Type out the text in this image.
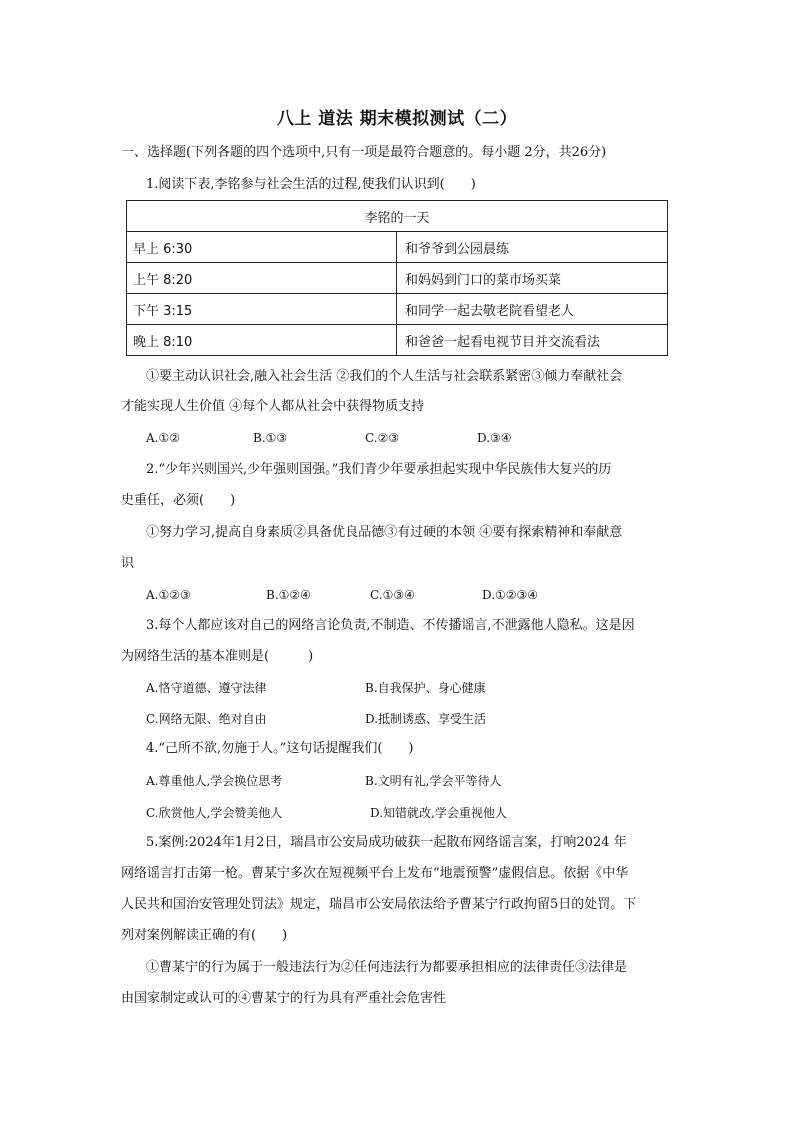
八上 道法 期末模拟测试（二）
一、选择题(下列各题的四个选项中,只有一项是最符合题意的。每小题 2分，共26分)
1.阅读下表,李铭参与社会生活的过程,使我们认识到(　　)
李铭的一天	
早上 6:30	和爷爷到公园晨练
上午 8:20	和妈妈到门口的菜市场买菜
下午 3:15	和同学一起去敬老院看望老人
晚上 8:10	和爸爸一起看电视节目并交流看法
①要主动认识社会,融入社会生活 ②我们的个人生活与社会联系紧密③倾力奉献社会
才能实现人生价值 ④每个人都从社会中获得物质支持
A.①②	B.①③	C.②③	D.③④
2.“少年兴则国兴,少年强则国强。”我们青少年要承担起实现中华民族伟大复兴的历
史重任，必须(　　)
①努力学习,提高自身素质②具备优良品德③有过硬的本领 ④要有探索精神和奉献意
识
A.①②③	B.①②④	C.①③④	D.①②③④
3.每个人都应该对自己的网络言论负责,不制造、不传播谣言,不泄露他人隐私。这是因
为网络生活的基本准则是(　　　)
A.恪守道德、遵守法律	B.自我保护、身心健康
C.网络无限、绝对自由	D.抵制诱惑、享受生活
4.“己所不欲,勿施于人。”这句话提醒我们(　　)
A.尊重他人,学会换位思考	B.文明有礼,学会平等待人
C.欣赏他人,学会赞美他人	D.知错就改,学会重视他人
5.案例:2024年1月2日，瑞昌市公安局成功破获一起散布网络谣言案，打响2024 年
网络谣言打击第一枪。曹某宁多次在短视频平台上发布“地震预警”虚假信息。依据《中华
人民共和国治安管理处罚法》规定，瑞昌市公安局依法给予曹某宁行政拘留5日的处罚。下
列对案例解读正确的有(　　)
①曹某宁的行为属于一般违法行为②任何违法行为都要承担相应的法律责任③法律是
由国家制定或认可的④曹某宁的行为具有严重社会危害性
